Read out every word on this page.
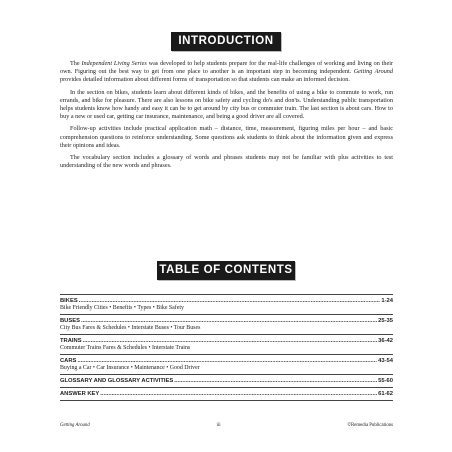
INTRODUCTION

The Independent Living Series was developed to help students prepare for the real-life challenges of working and living on their own. Figuring out the best way to get from one place to another is an important step in becoming independent. Getting Around provides detailed information about different forms of transportation so that students can make an informed decision.

In the section on bikes, students learn about different kinds of bikes, and the benefits of using a bike to commute to work, run errands, and bike for pleasure. There are also lessons on bike safety and cycling do's and don'ts. Understanding public transportation helps students know how handy and easy it can be to get around by city bus or commuter train. The last section is about cars. How to buy a new or used car, getting car insurance, maintenance, and being a good driver are all covered.

Follow-up activities include practical application math – distance, time, measurement, figuring miles per hour – and basic comprehension questions to reinforce understanding. Some questions ask students to think about the information given and express their opinions and ideas.

The vocabulary section includes a glossary of words and phrases students may not be familiar with plus activities to test understanding of the new words and phrases.

TABLE OF CONTENTS
BIKES .....	1-24
Bike Friendly Cities • Benefits • Types • Bike Safety
BUSES .....	25-35
City Bus Fares & Schedules • Interstate Buses • Tour Buses
TRAINS .....	36-42
Commuter Trains Fares & Schedules • Interstate Trains
CARS .....	43-54
Buying a Car • Car Insurance • Maintenance • Good Driver
GLOSSARY AND GLOSSARY ACTIVITIES .....	55-60
ANSWER KEY .....	61-62
Getting Around	iii	©Remedia Publications
